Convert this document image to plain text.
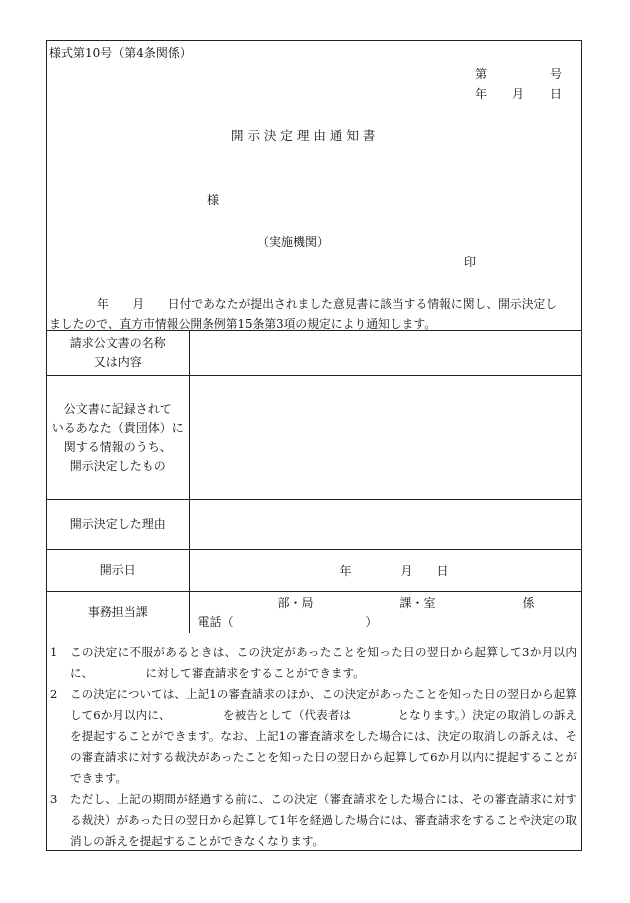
様式第10号（第4条関係）
第	号
年 月 日
開 示 決 定 理 由 通 知 書
様
（実施機関）
印
年　　月　　日付であなたが提出されました意見書に該当する情報に関し、開示決定し
ましたので、直方市情報公開条例第15条第3項の規定により通知します。
請求公文書の名称
又は内容	

公文書に記録されて
いるあなた（貴団体）に
関する情報のうち、
開示決定したもの	

開示決定した理由	

開示日	年 月 日

事務担当課	部・局 課・室 係
電話（ ）
1	この決定に不服があるときは、この決定があったことを知った日の翌日から起算して3か月以内に、　　　　　に対して審査請求をすることができます。
2	この決定については、上記1の審査請求のほか、この決定があったことを知った日の翌日から起算して6か月以内に、　　　　　を被告として（代表者は　　　　となります。）決定の取消しの訴えを提起することができます。なお、上記1の審査請求をした場合には、決定の取消しの訴えは、その審査請求に対する裁決があったことを知った日の翌日から起算して6か月以内に提起することができます。
3	ただし、上記の期間が経過する前に、この決定（審査請求をした場合には、その審査請求に対する裁決）があった日の翌日から起算して1年を経過した場合には、審査請求をすることや決定の取消しの訴えを提起することができなくなります。
